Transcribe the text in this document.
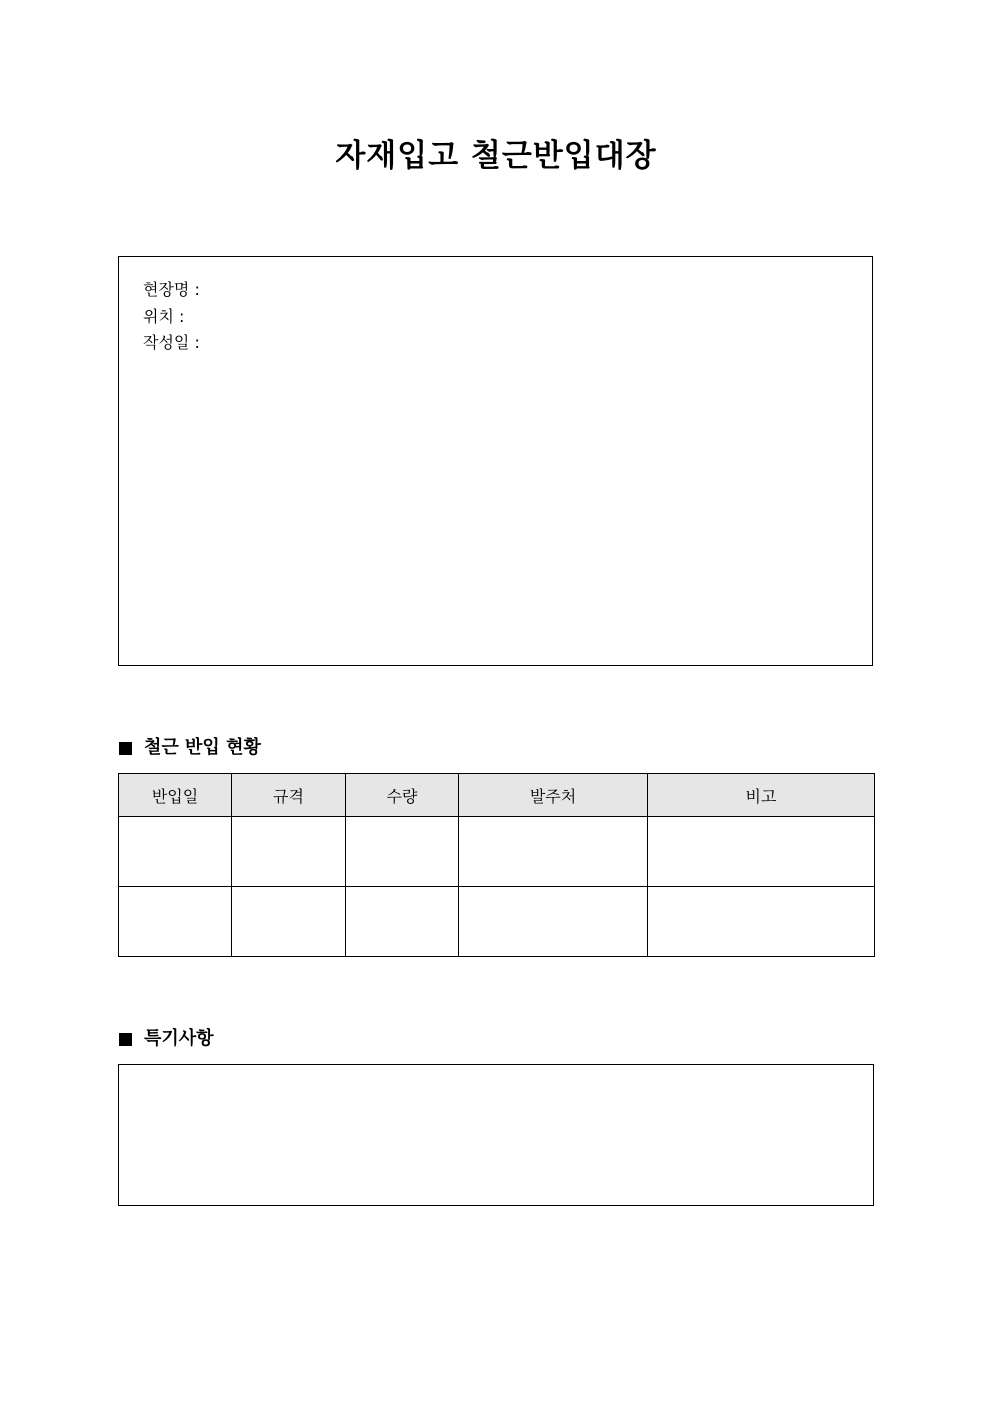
자재입고 철근반입대장
현장명 :
위치 :
작성일 :
철근 반입 현황
반입일	규격	수량	발주처	비고

특기사항
